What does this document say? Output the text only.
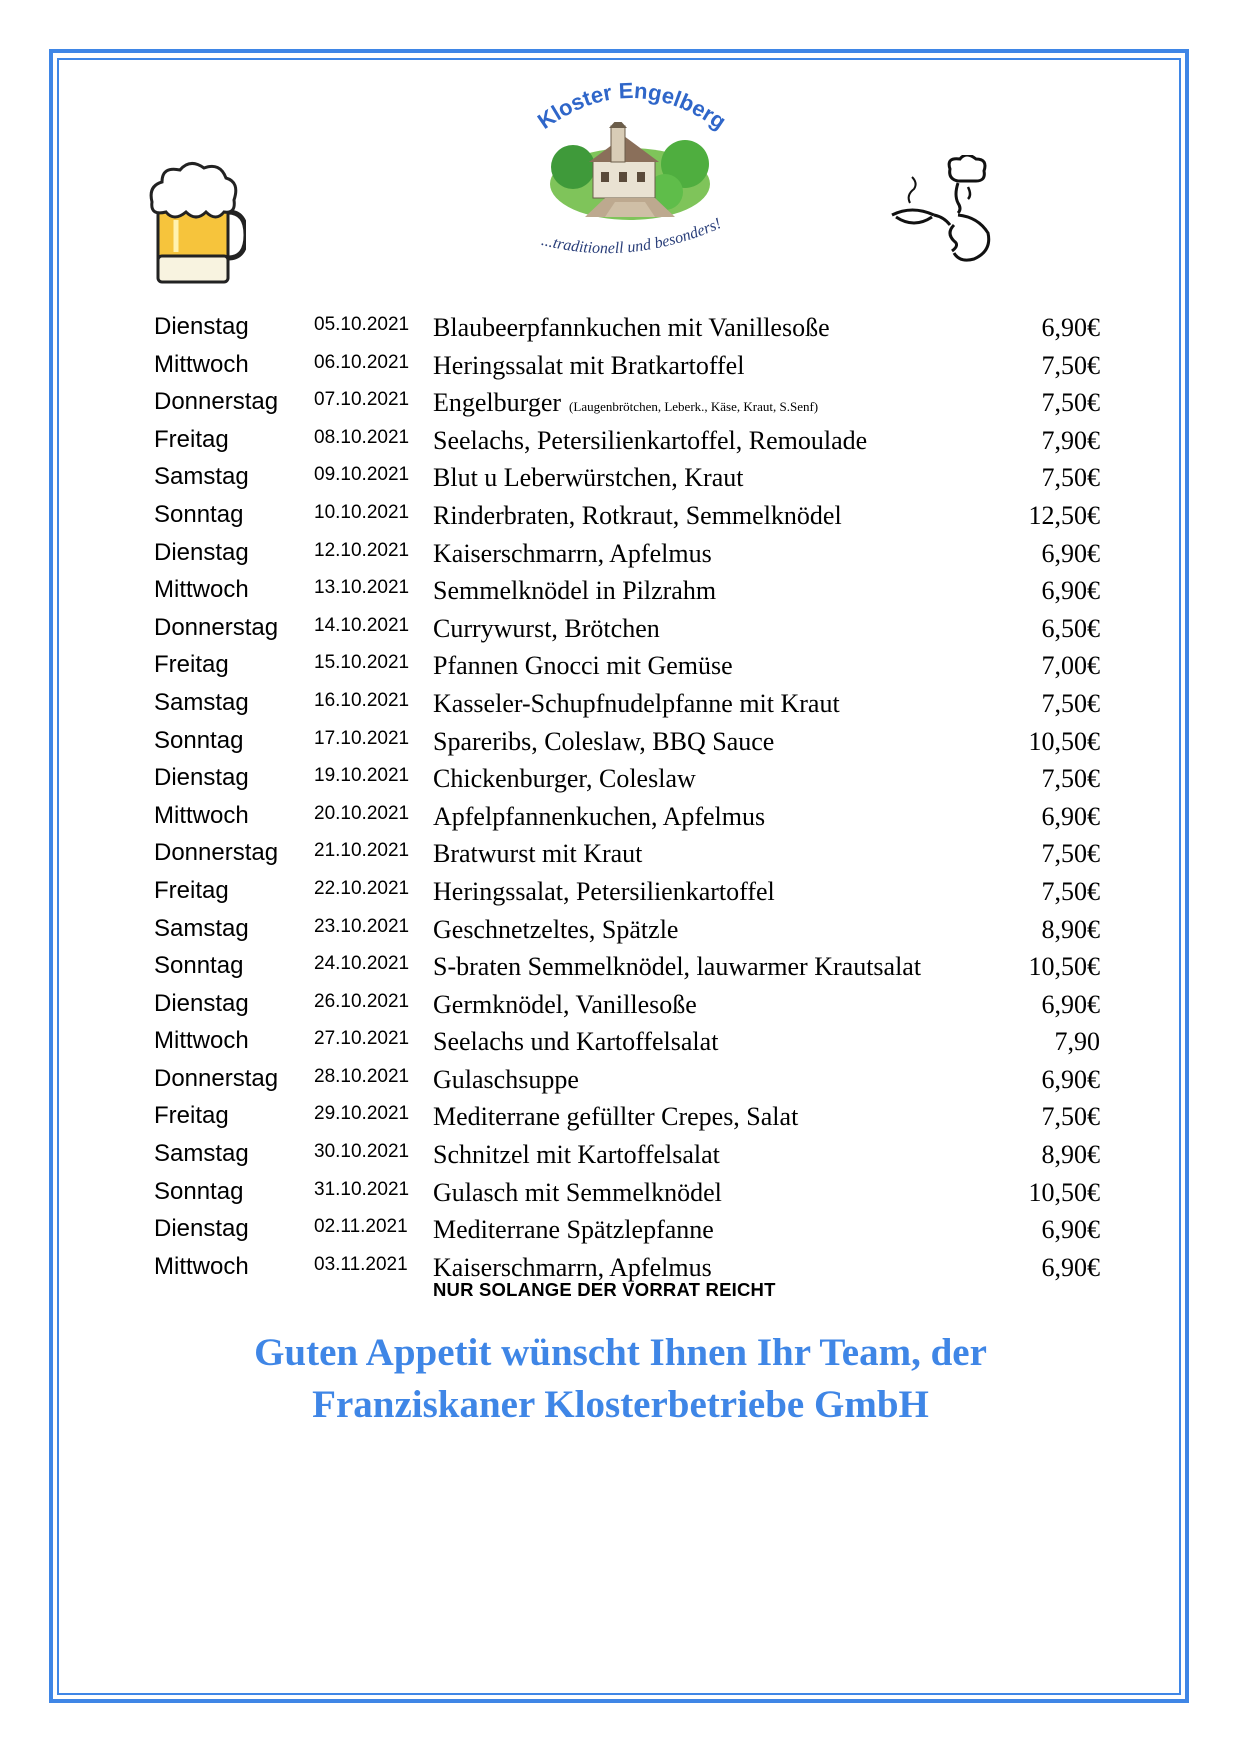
Kloster Engelberg
...traditionell und besonders!
Dienstag	05.10.2021 Blaubeerpfannkuchen mit Vanillesoße	6,90€
Mittwoch	06.10.2021 Heringssalat mit Bratkartoffel	7,50€
Donnerstag 07.10.2021 Engelburger (Laugenbrötchen, Leberk., Käse, Kraut, S.Senf)	7,50€
Freitag	08.10.2021 Seelachs, Petersilienkartoffel, Remoulade	7,90€
Samstag	09.10.2021 Blut u Leberwürstchen, Kraut	7,50€
Sonntag	10.10.2021 Rinderbraten, Rotkraut, Semmelknödel	12,50€
Dienstag	12.10.2021 Kaiserschmarrn, Apfelmus	6,90€
Mittwoch	13.10.2021 Semmelknödel in Pilzrahm	6,90€
Donnerstag 14.10.2021 Currywurst, Brötchen	6,50€
Freitag	15.10.2021 Pfannen Gnocci mit Gemüse	7,00€
Samstag	16.10.2021 Kasseler-Schupfnudelpfanne mit Kraut	7,50€
Sonntag	17.10.2021 Spareribs, Coleslaw, BBQ Sauce	10,50€
Dienstag	19.10.2021 Chickenburger, Coleslaw	7,50€
Mittwoch	20.10.2021 Apfelpfannenkuchen, Apfelmus	6,90€
Donnerstag 21.10.2021 Bratwurst mit Kraut	7,50€
Freitag	22.10.2021 Heringssalat, Petersilienkartoffel	7,50€
Samstag	23.10.2021 Geschnetzeltes, Spätzle	8,90€
Sonntag	24.10.2021 S-braten Semmelknödel, lauwarmer Krautsalat	10,50€
Dienstag	26.10.2021 Germknödel, Vanillesoße	6,90€
Mittwoch	27.10.2021 Seelachs und Kartoffelsalat	7,90
Donnerstag 28.10.2021 Gulaschsuppe	6,90€
Freitag	29.10.2021 Mediterrane gefüllter Crepes, Salat	7,50€
Samstag	30.10.2021 Schnitzel mit Kartoffelsalat	8,90€
Sonntag	31.10.2021 Gulasch mit Semmelknödel	10,50€
Dienstag	02.11.2021 Mediterrane Spätzlepfanne	6,90€
Mittwoch	03.11.2021 Kaiserschmarrn, Apfelmus	6,90€
NUR SOLANGE DER VORRAT REICHT
Guten Appetit wünscht Ihnen Ihr Team, der
Franziskaner Klosterbetriebe GmbH
